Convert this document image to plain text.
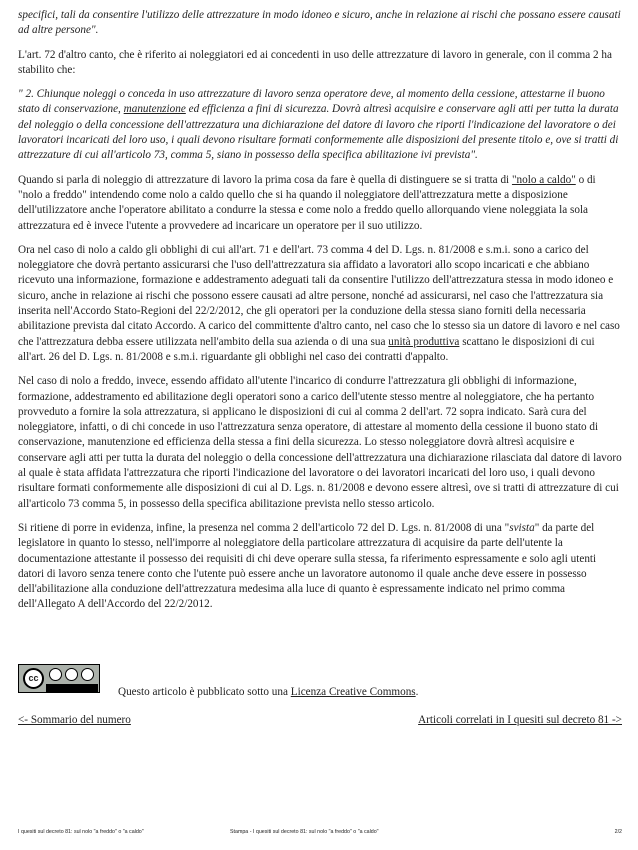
specifici, tali da consentire l'utilizzo delle attrezzature in modo idoneo e sicuro, anche in relazione ai rischi che possano essere causati ad altre persone".

L'art. 72 d'altro canto, che è riferito ai noleggiatori ed ai concedenti in uso delle attrezzature di lavoro in generale, con il comma 2 ha stabilito che:

" 2. Chiunque noleggi o conceda in uso attrezzature di lavoro senza operatore deve, al momento della cessione, attestarne il buono stato di conservazione, manutenzione ed efficienza a fini di sicurezza. Dovrà altresì acquisire e conservare agli atti per tutta la durata del noleggio o della concessione dell'attrezzatura una dichiarazione del datore di lavoro che riporti l'indicazione del lavoratore o dei lavoratori incaricati del loro uso, i quali devono risultare formati conformemente alle disposizioni del presente titolo e, ove si tratti di attrezzature di cui all'articolo 73, comma 5, siano in possesso della specifica abilitazione ivi prevista".

Quando si parla di noleggio di attrezzature di lavoro la prima cosa da fare è quella di distinguere se si tratta di "nolo a caldo" o di "nolo a freddo" intendendo come nolo a caldo quello che si ha quando il noleggiatore dell'attrezzatura mette a disposizione dell'utilizzatore anche l'operatore abilitato a condurre la stessa e come nolo a freddo quello allorquando viene noleggiata la sola attrezzatura ed è invece l'utente a provvedere ad incaricare un operatore per il suo utilizzo.

Ora nel caso di nolo a caldo gli obblighi di cui all'art. 71 e dell'art. 73 comma 4 del D. Lgs. n. 81/2008 e s.m.i. sono a carico del noleggiatore che dovrà pertanto assicurarsi che l'uso dell'attrezzatura sia affidato a lavoratori allo scopo incaricati e che abbiano ricevuto una informazione, formazione e addestramento adeguati tali da consentire l'utilizzo dell'attrezzatura stessa in modo idoneo e sicuro, anche in relazione ai rischi che possono essere causati ad altre persone, nonché ad assicurarsi, nel caso che l'attrezzatura sia inserita nell'Accordo Stato-Regioni del 22/2/2012, che gli operatori per la conduzione della stessa siano forniti della necessaria abilitazione prevista dal citato Accordo. A carico del committente d'altro canto, nel caso che lo stesso sia un datore di lavoro e nel caso che l'attrezzatura debba essere utilizzata nell'ambito della sua azienda o di una sua unità produttiva scattano le disposizioni di cui all'art. 26 del D. Lgs. n. 81/2008 e s.m.i. riguardante gli obblighi nel caso dei contratti d'appalto.

Nel caso di nolo a freddo, invece, essendo affidato all'utente l'incarico di condurre l'attrezzatura gli obblighi di informazione, formazione, addestramento ed abilitazione degli operatori sono a carico dell'utente stesso mentre al noleggiatore, che ha pertanto provveduto a fornire la sola attrezzatura, si applicano le disposizioni di cui al comma 2 dell'art. 72 sopra indicato. Sarà cura del noleggiatore, infatti, o di chi concede in uso l'attrezzatura senza operatore, di attestare al momento della cessione il buono stato di conservazione, manutenzione ed efficienza della stessa a fini della sicurezza. Lo stesso noleggiatore dovrà altresì acquisire e conservare agli atti per tutta la durata del noleggio o della concessione dell'attrezzatura una dichiarazione rilasciata dal datore di lavoro al quale è stata affidata l'attrezzatura che riporti l'indicazione del lavoratore o dei lavoratori incaricati del loro uso, i quali devono risultare formati conformemente alle disposizioni di cui al D. Lgs. n. 81/2008 e devono essere altresì, ove si tratti di attrezzature di cui all'articolo 73 comma 5, in possesso della specifica abilitazione prevista nello stesso articolo.

Si ritiene di porre in evidenza, infine, la presenza nel comma 2 dell'articolo 72 del D. Lgs. n. 81/2008 di una "svista" da parte del legislatore in quanto lo stesso, nell'imporre al noleggiatore della particolare attrezzatura di acquisire da parte dell'utente la documentazione attestante il possesso dei requisiti di chi deve operare sulla stessa, fa riferimento espressamente e solo agli utenti datori di lavoro senza tenere conto che l'utente può essere anche un lavoratore autonomo il quale anche deve essere in possesso dell'abilitazione alla conduzione dell'attrezzatura medesima alla luce di quanto è espressamente indicato nel primo comma dell'Allegato A dell'Accordo del 22/2/2012.

cc
Questo articolo è pubblicato sotto una Licenza Creative Commons.
<- Sommario del numero	Articoli correlati in I quesiti sul decreto 81 ->
I quesiti sul decreto 81: sul nolo "a freddo" o "a caldo"	Stampa - I quesiti sul decreto 81: sul nolo "a freddo" o "a caldo"	2/2
